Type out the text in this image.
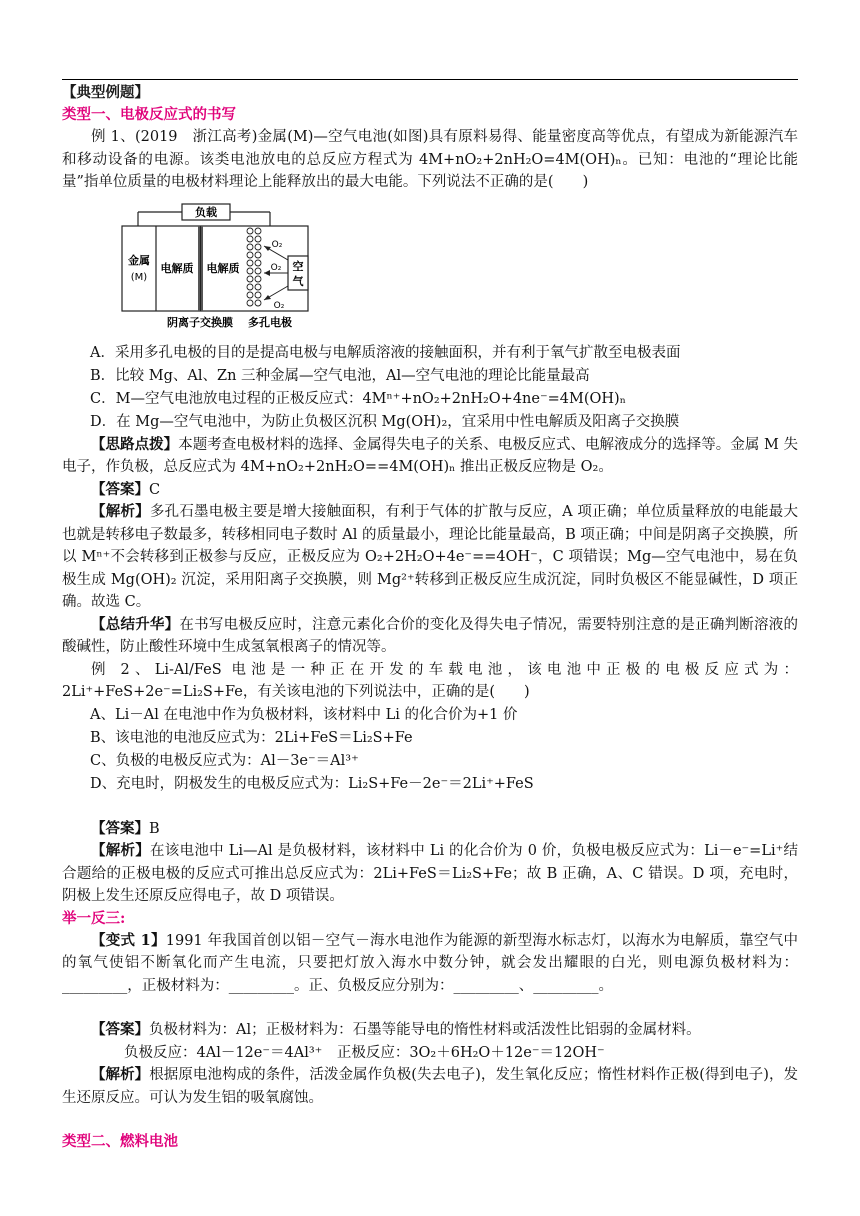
【典型例题】

类型一、电极反应式的书写

例 1、(2019　浙江高考)金属(M)—空气电池(如图)具有原料易得、能量密度高等优点，有望成为新能源汽车和移动设备的电源。该类电池放电的总反应方程式为 4M+nO₂+2nH₂O=4M(OH)ₙ。已知：电池的“理论比能量”指单位质量的电极材料理论上能释放出的最大电能。下列说法不正确的是(　　)

负载
金属
(M)
电解质 电解质	空
气
O₂
O₂
O₂
阴离子交换膜 多孔电极

A．采用多孔电极的目的是提高电极与电解质溶液的接触面积，并有利于氧气扩散至电极表面

B．比较 Mg、Al、Zn 三种金属—空气电池，Al—空气电池的理论比能量最高

C．M—空气电池放电过程的正极反应式：4Mⁿ⁺+nO₂+2nH₂O+4ne⁻=4M(OH)ₙ

D．在 Mg—空气电池中，为防止负极区沉积 Mg(OH)₂，宜采用中性电解质及阳离子交换膜

【思路点拨】本题考查电极材料的选择、金属得失电子的关系、电极反应式、电解液成分的选择等。金属 M 失电子，作负极，总反应式为 4M+nO₂+2nH₂O==4M(OH)ₙ 推出正极反应物是 O₂。

【答案】C

【解析】多孔石墨电极主要是增大接触面积，有利于气体的扩散与反应，A 项正确；单位质量释放的电能最大也就是转移电子数最多，转移相同电子数时 Al 的质量最小，理论比能量最高，B 项正确；中间是阴离子交换膜，所以 Mⁿ⁺不会转移到正极参与反应，正极反应为 O₂+2H₂O+4e⁻==4OH⁻，C 项错误；Mg—空气电池中，易在负极生成 Mg(OH)₂ 沉淀，采用阳离子交换膜，则 Mg²⁺转移到正极反应生成沉淀，同时负极区不能显碱性，D 项正确。故选 C。

【总结升华】在书写电极反应时，注意元素化合价的变化及得失电子情况，需要特别注意的是正确判断溶液的酸碱性，防止酸性环境中生成氢氧根离子的情况等。

例 2、Li-Al/FeS 电池是一种正在开发的车载电池，该电池中正极的电极反应式为：2Li⁺+FeS+2e⁻=Li₂S+Fe，有关该电池的下列说法中，正确的是(　　)

A、Li－Al 在电池中作为负极材料，该材料中 Li 的化合价为+1 价

B、该电池的电池反应式为：2Li+FeS＝Li₂S+Fe

C、负极的电极反应式为：Al－3e⁻＝Al³⁺

D、充电时，阴极发生的电极反应式为：Li₂S+Fe－2e⁻＝2Li⁺+FeS

【答案】B

【解析】在该电池中 Li—Al 是负极材料，该材料中 Li 的化合价为 0 价，负极电极反应式为：Li－e⁻=Li⁺结合题给的正极电极的反应式可推出总反应式为：2Li+FeS＝Li₂S+Fe；故 B 正确，A、C 错误。D 项，充电时，阴极上发生还原反应得电子，故 D 项错误。

举一反三:

【变式 1】1991 年我国首创以铝－空气－海水电池作为能源的新型海水标志灯，以海水为电解质，靠空气中的氧气使铝不断氧化而产生电流，只要把灯放入海水中数分钟，就会发出耀眼的白光，则电源负极材料为：_________，正极材料为：_________。正、负极反应分别为：_________、_________。

【答案】负极材料为：Al；正极材料为：石墨等能导电的惰性材料或活泼性比铝弱的金属材料。

负极反应：4Al－12e⁻＝4Al³⁺　正极反应：3O₂＋6H₂O＋12e⁻＝12OH⁻

【解析】根据原电池构成的条件，活泼金属作负极(失去电子)，发生氧化反应；惰性材料作正极(得到电子)，发生还原反应。可认为发生铝的吸氧腐蚀。

类型二、燃料电池
